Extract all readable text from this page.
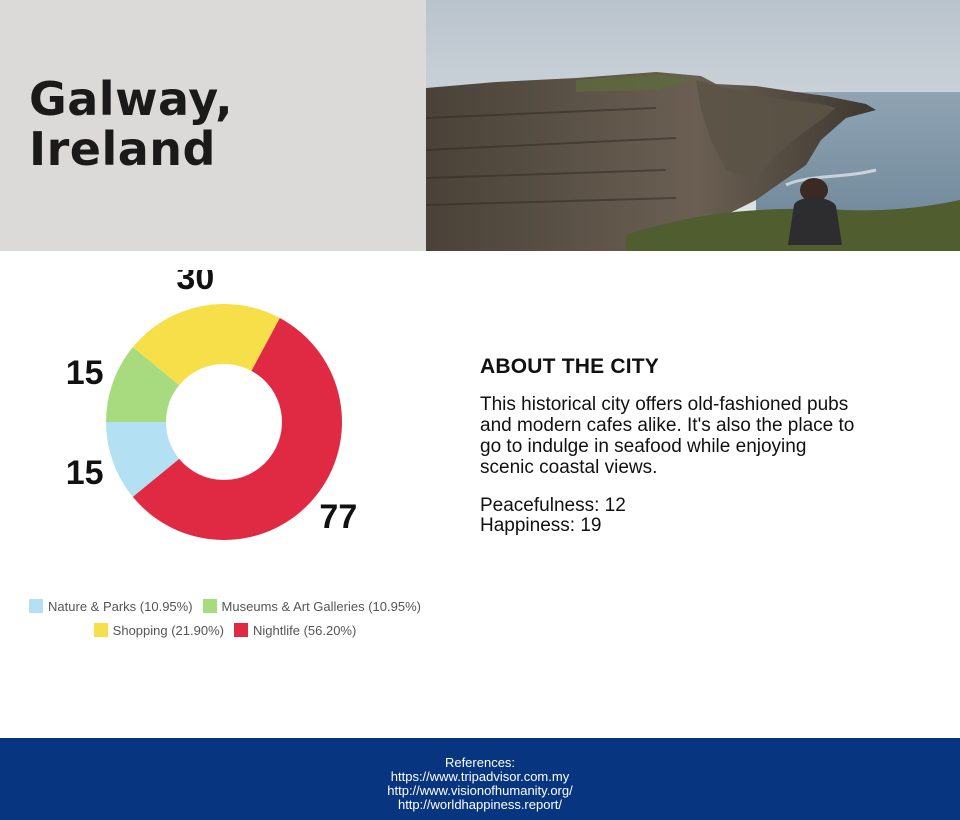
Galway,
Ireland
15
15
30
77
Nature & Parks (10.95%) Museums & Art Galleries (10.95%)
Shopping (21.90%) Nightlife (56.20%)
ABOUT THE CITY

This historical city offers old-fashioned pubs
and modern cafes alike. It's also the place to
go to indulge in seafood while enjoying
scenic coastal views.

Peacefulness: 12
Happiness: 19
References:
https://www.tripadvisor.com.my
http://www.visionofhumanity.org/
http://worldhappiness.report/
